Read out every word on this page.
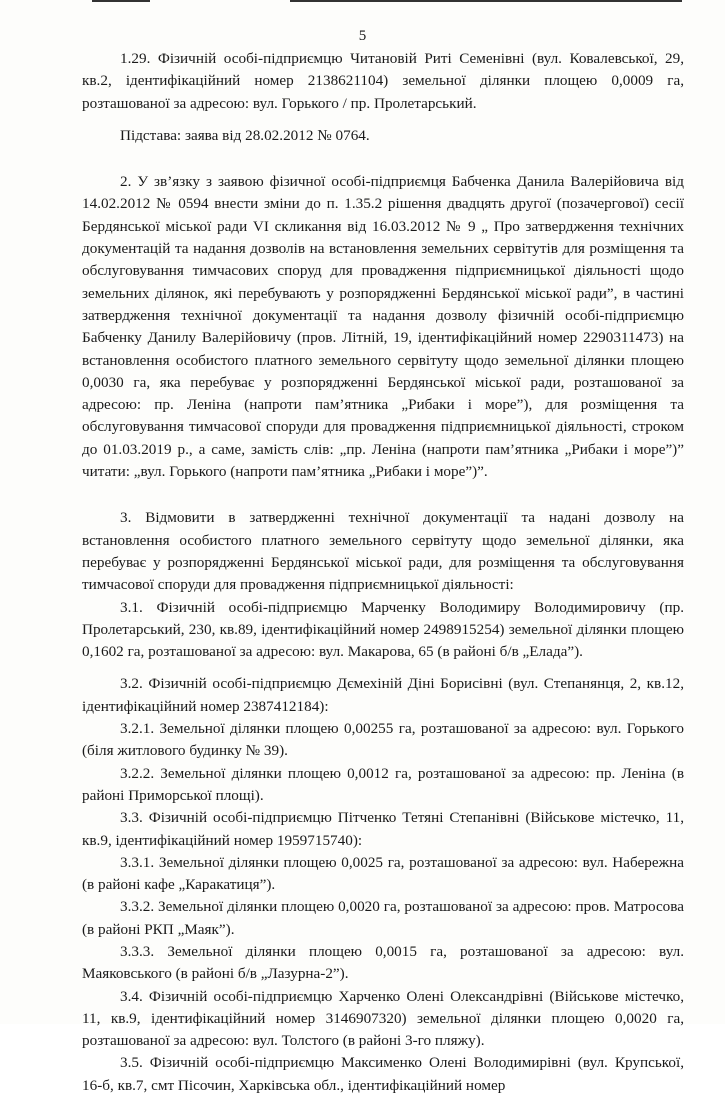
5

1.29. Фізичній особі-підприємцю Читановій Риті Семенівні (вул. Ковалевської, 29, кв.2, ідентифікаційний номер 2138621104) земельної ділянки площею 0,0009 га, розташованої за адресою: вул. Горького / пр. Пролетарський.

Підстава: заява від 28.02.2012 № 0764.

2. У зв’язку з заявою фізичної особі-підприємця Бабченка Данила Валерійовича від 14.02.2012 № 0594 внести зміни до п. 1.35.2 рішення двадцять другої (позачергової) сесії Бердянської міської ради VI скликання від 16.03.2012 № 9 „ Про затвердження технічних документацій та надання дозволів на встановлення земельних сервітутів для розміщення та обслуговування тимчасових споруд для провадження підприємницької діяльності щодо земельних ділянок, які перебувають у розпорядженні Бердянської міської ради”, в частині затвердження технічної документації та надання дозволу фізичній особі-підприємцю Бабченку Данилу Валерійовичу (пров. Літній, 19, ідентифікаційний номер 2290311473) на встановлення особистого платного земельного сервітуту щодо земельної ділянки площею 0,0030 га, яка перебуває у розпорядженні Бердянської міської ради, розташованої за адресою: пр. Леніна (напроти пам’ятника „Рибаки і море”), для розміщення та обслуговування тимчасової споруди для провадження підприємницької діяльності, строком до 01.03.2019 р., а саме, замість слів: „пр. Леніна (напроти пам’ятника „Рибаки і море”)” читати: „вул. Горького (напроти пам’ятника „Рибаки і море”)”.

3. Відмовити в затвердженні технічної документації та надані дозволу на встановлення особистого платного земельного сервітуту щодо земельної ділянки, яка перебуває у розпорядженні Бердянської міської ради, для розміщення та обслуговування тимчасової споруди для провадження підприємницької діяльності:

3.1. Фізичній особі-підприємцю Марченку Володимиру Володимировичу (пр. Пролетарський, 230, кв.89, ідентифікаційний номер 2498915254) земельної ділянки площею 0,1602 га, розташованої за адресою: вул. Макарова, 65 (в районі б/в „Елада”).

3.2. Фізичній особі-підприємцю Дємехіній Діні Борисівні (вул. Степанянця, 2, кв.12, ідентифікаційний номер 2387412184):

3.2.1. Земельної ділянки площею 0,00255 га, розташованої за адресою: вул. Горького (біля житлового будинку № 39).

3.2.2. Земельної ділянки площею 0,0012 га, розташованої за адресою: пр. Леніна (в районі Приморської площі).

3.3. Фізичній особі-підприємцю Пітченко Тетяні Степанівні (Військове містечко, 11, кв.9, ідентифікаційний номер 1959715740):

3.3.1. Земельної ділянки площею 0,0025 га, розташованої за адресою: вул. Набережна (в районі кафе „Каракатиця”).

3.3.2. Земельної ділянки площею 0,0020 га, розташованої за адресою: пров. Матросова (в районі РКП „Маяк”).

3.3.3. Земельної ділянки площею 0,0015 га, розташованої за адресою: вул. Маяковського (в районі б/в „Лазурна-2”).

3.4. Фізичній особі-підприємцю Харченко Олені Олександрівні (Військове містечко, 11, кв.9, ідентифікаційний номер 3146907320) земельної ділянки площею 0,0020 га, розташованої за адресою: вул. Толстого (в районі 3-го пляжу).

3.5. Фізичній особі-підприємцю Максименко Олені Володимирівні (вул. Крупської, 16-б, кв.7, смт Пісочин, Харківська обл., ідентифікаційний номер
